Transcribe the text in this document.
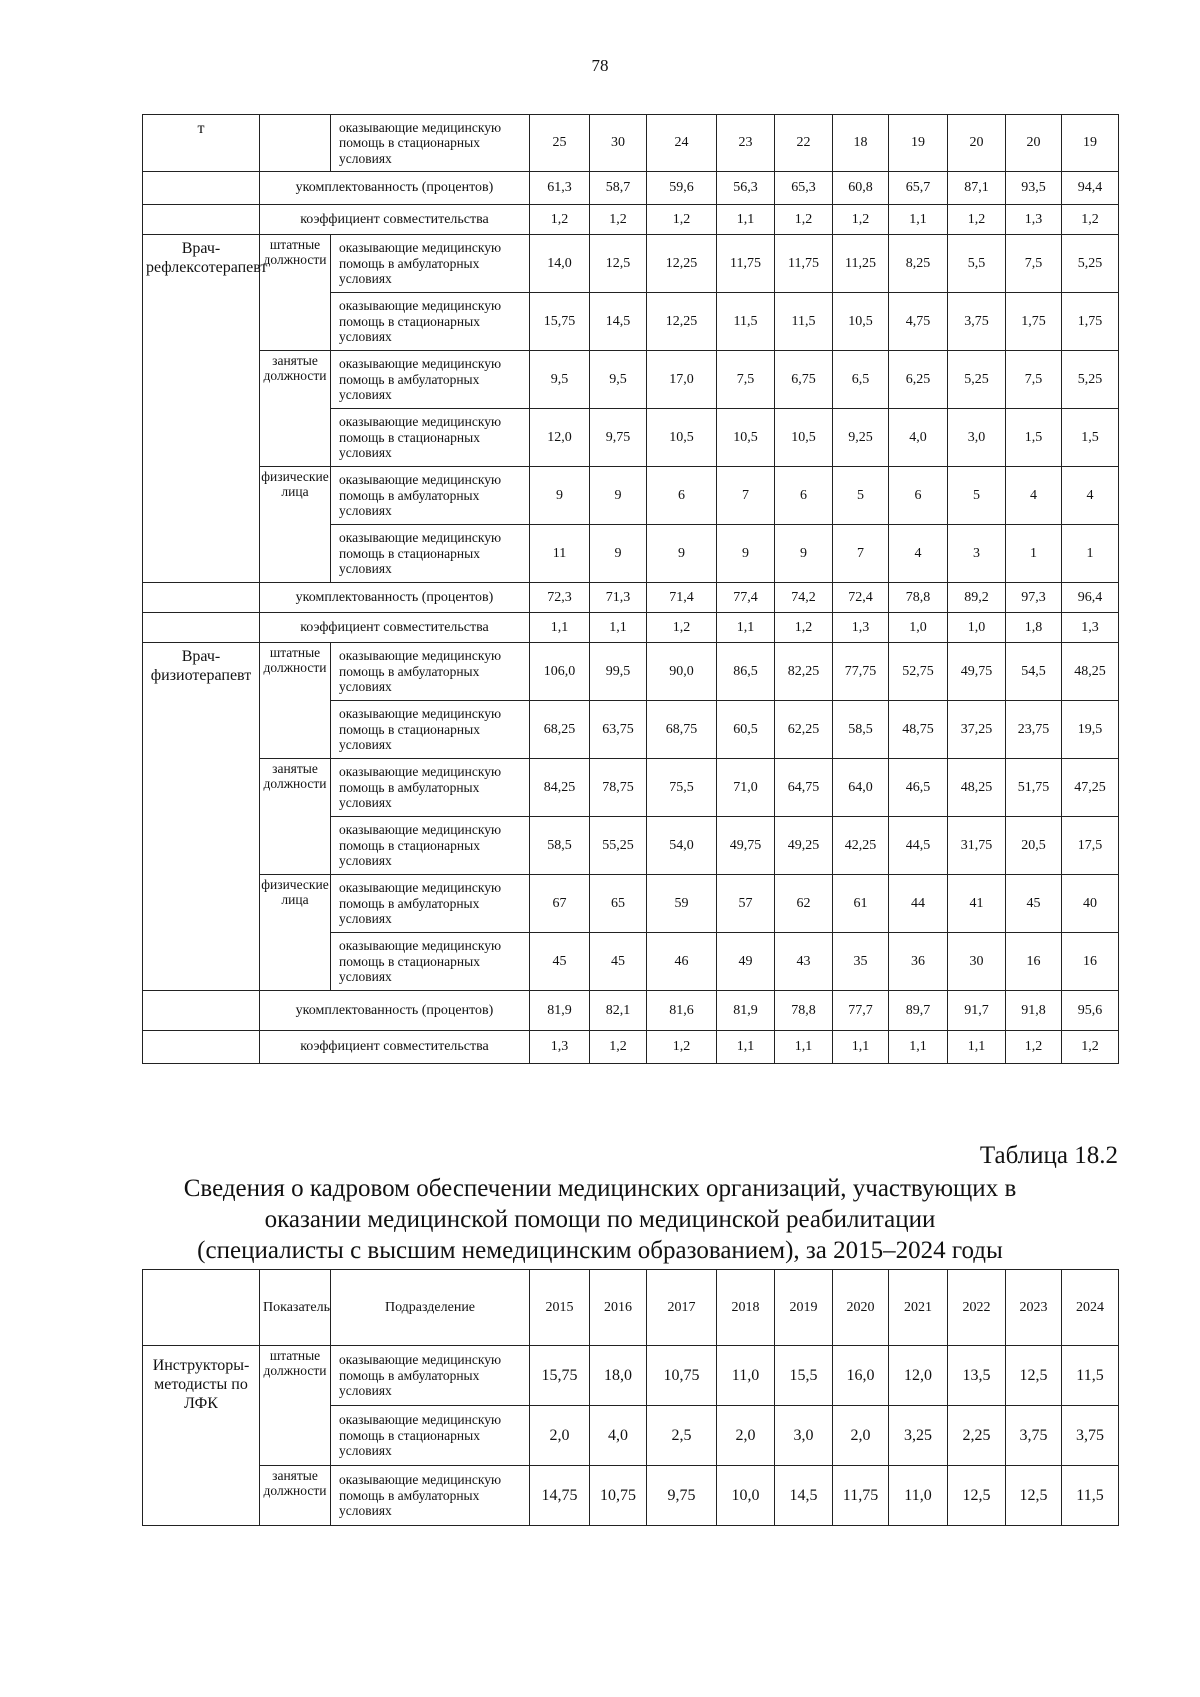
78
т		оказывающие медицинскую помощь в стационарных условиях	25	30	24	23	22	18	19	20	20	19
	укомплектованность (процентов)		61,3	58,7	59,6	56,3	65,3	60,8	65,7	87,1	93,5	94,4
	коэффициент совместительства		1,2	1,2	1,2	1,1	1,2	1,2	1,1	1,2	1,3	1,2
Врач-рефлексотерапевт	штатные должности	оказывающие медицинскую помощь в амбулаторных условиях	14,0	12,5	12,25	11,75	11,75	11,25	8,25	5,5	7,5	5,25
		оказывающие медицинскую помощь в стационарных условиях	15,75	14,5	12,25	11,5	11,5	10,5	4,75	3,75	1,75	1,75
	занятые должности	оказывающие медицинскую помощь в амбулаторных условиях	9,5	9,5	17,0	7,5	6,75	6,5	6,25	5,25	7,5	5,25
		оказывающие медицинскую помощь в стационарных условиях	12,0	9,75	10,5	10,5	10,5	9,25	4,0	3,0	1,5	1,5
	физические лица	оказывающие медицинскую помощь в амбулаторных условиях	9	9	6	7	6	5	6	5	4	4
		оказывающие медицинскую помощь в стационарных условиях	11	9	9	9	9	7	4	3	1	1
	укомплектованность (процентов)		72,3	71,3	71,4	77,4	74,2	72,4	78,8	89,2	97,3	96,4
	коэффициент совместительства		1,1	1,1	1,2	1,1	1,2	1,3	1,0	1,0	1,8	1,3
Врач-физиотерапевт	штатные должности	оказывающие медицинскую помощь в амбулаторных условиях	106,0	99,5	90,0	86,5	82,25	77,75	52,75	49,75	54,5	48,25
		оказывающие медицинскую помощь в стационарных условиях	68,25	63,75	68,75	60,5	62,25	58,5	48,75	37,25	23,75	19,5
	занятые должности	оказывающие медицинскую помощь в амбулаторных условиях	84,25	78,75	75,5	71,0	64,75	64,0	46,5	48,25	51,75	47,25
		оказывающие медицинскую помощь в стационарных условиях	58,5	55,25	54,0	49,75	49,25	42,25	44,5	31,75	20,5	17,5
	физические лица	оказывающие медицинскую помощь в амбулаторных условиях	67	65	59	57	62	61	44	41	45	40
		оказывающие медицинскую помощь в стационарных условиях	45	45	46	49	43	35	36	30	16	16
	укомплектованность (процентов)		81,9	82,1	81,6	81,9	78,8	77,7	89,7	91,7	91,8	95,6
	коэффициент совместительства		1,3	1,2	1,2	1,1	1,1	1,1	1,1	1,1	1,2	1,2
Таблица 18.2
Сведения о кадровом обеспечении медицинских организаций, участвующих в
оказании медицинской помощи по медицинской реабилитации
(специалисты с высшим немедицинским образованием), за 2015–2024 годы
	Показатель	Подразделение	2015	2016	2017	2018	2019	2020	2021	2022	2023	2024
Инструкторы-методисты по ЛФК	штатные должности	оказывающие медицинскую помощь в амбулаторных условиях	15,75	18,0	10,75	11,0	15,5	16,0	12,0	13,5	12,5	11,5
		оказывающие медицинскую помощь в стационарных условиях	2,0	4,0	2,5	2,0	3,0	2,0	3,25	2,25	3,75	3,75
	занятые должности	оказывающие медицинскую помощь в амбулаторных условиях	14,75	10,75	9,75	10,0	14,5	11,75	11,0	12,5	12,5	11,5
